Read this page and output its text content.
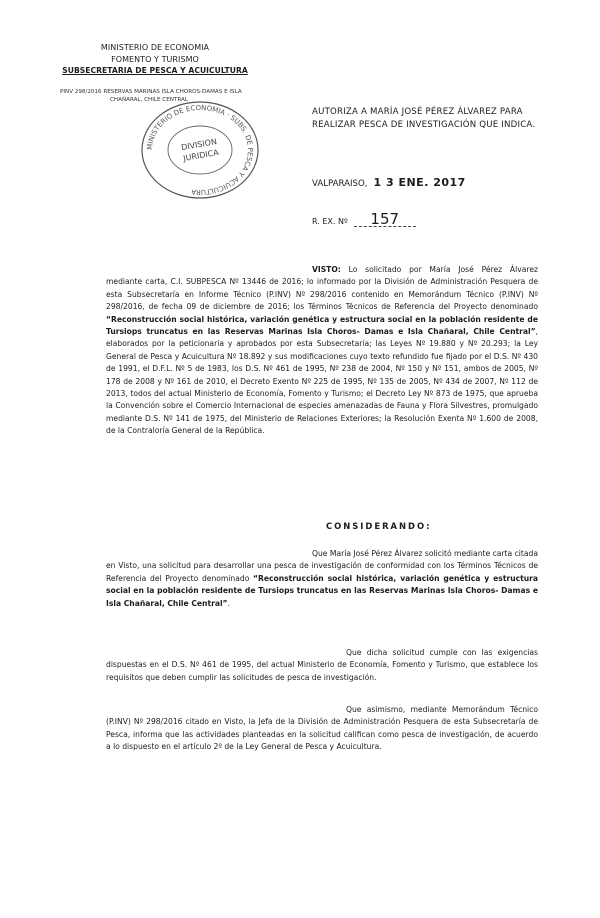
MINISTERIO DE ECONOMIA
FOMENTO Y TURISMO
SUBSECRETARIA DE PESCA Y ACUICULTURA
PINV 298/2016 RESERVAS MARINAS ISLA CHOROS-DAMAS E ISLA
CHAÑARAL, CHILE CENTRAL
MINISTERIO DE ECONOMIA · SUBS. DE PESCA Y ACUICULTURA
DIVISION
JURIDICA
AUTORIZA A MARÍA JOSÉ PÉREZ ÁLVAREZ PARA REALIZAR PESCA DE INVESTIGACIÓN QUE INDICA.
VALPARAISO, 1 3 ENE. 2017
R. EX. Nº 157

VISTO: Lo solicitado por María José Pérez Álvarez mediante carta, C.I. SUBPESCA Nº 13446 de 2016; lo informado por la División de Administración Pesquera de esta Subsecretaría en Informe Técnico (P.INV) Nº 298/2016 contenido en Memorándum Técnico (P.INV) Nº 298/2016, de fecha 09 de diciembre de 2016; los Términos Técnicos de Referencia del Proyecto denominado “Reconstrucción social histórica, variación genética y estructura social en la población residente de Tursiops truncatus en las Reservas Marinas Isla Choros- Damas e Isla Chañaral, Chile Central”, elaborados por la peticionaria y aprobados por esta Subsecretaría; las Leyes Nº 19.880 y Nº 20.293; la Ley General de Pesca y Acuicultura Nº 18.892 y sus modificaciones cuyo texto refundido fue fijado por el D.S. Nº 430 de 1991, el D.F.L. Nº 5 de 1983, los D.S. Nº 461 de 1995, Nº 238 de 2004, Nº 150 y Nº 151, ambos de 2005, Nº 178 de 2008 y Nº 161 de 2010, el Decreto Exento Nº 225 de 1995, Nº 135 de 2005, Nº 434 de 2007, Nº 112 de 2013, todos del actual Ministerio de Economía, Fomento y Turismo; el Decreto Ley Nº 873 de 1975, que aprueba la Convención sobre el Comercio Internacional de especies amenazadas de Fauna y Flora Silvestres, promulgado mediante D.S. Nº 141 de 1975, del Ministerio de Relaciones Exteriores; la Resolución Exenta Nº 1.600 de 2008, de la Contraloría General de la República.

CONSIDERANDO:

Que María José Pérez Álvarez solicitó mediante carta citada en Visto, una solicitud para desarrollar una pesca de investigación de conformidad con los Términos Técnicos de Referencia del Proyecto denominado “Reconstrucción social histórica, variación genética y estructura social en la población residente de Tursiops truncatus en las Reservas Marinas Isla Choros- Damas e Isla Chañaral, Chile Central”.

Que dicha solicitud cumple con las exigencias dispuestas en el D.S. Nº 461 de 1995, del actual Ministerio de Economía, Fomento y Turismo, que establece los requisitos que deben cumplir las solicitudes de pesca de investigación.

Que asimismo, mediante Memorándum Técnico (P.INV) Nº 298/2016 citado en Visto, la Jefa de la División de Administración Pesquera de esta Subsecretaría de Pesca, informa que las actividades planteadas en la solicitud califican como pesca de investigación, de acuerdo a lo dispuesto en el artículo 2º de la Ley General de Pesca y Acuicultura.
